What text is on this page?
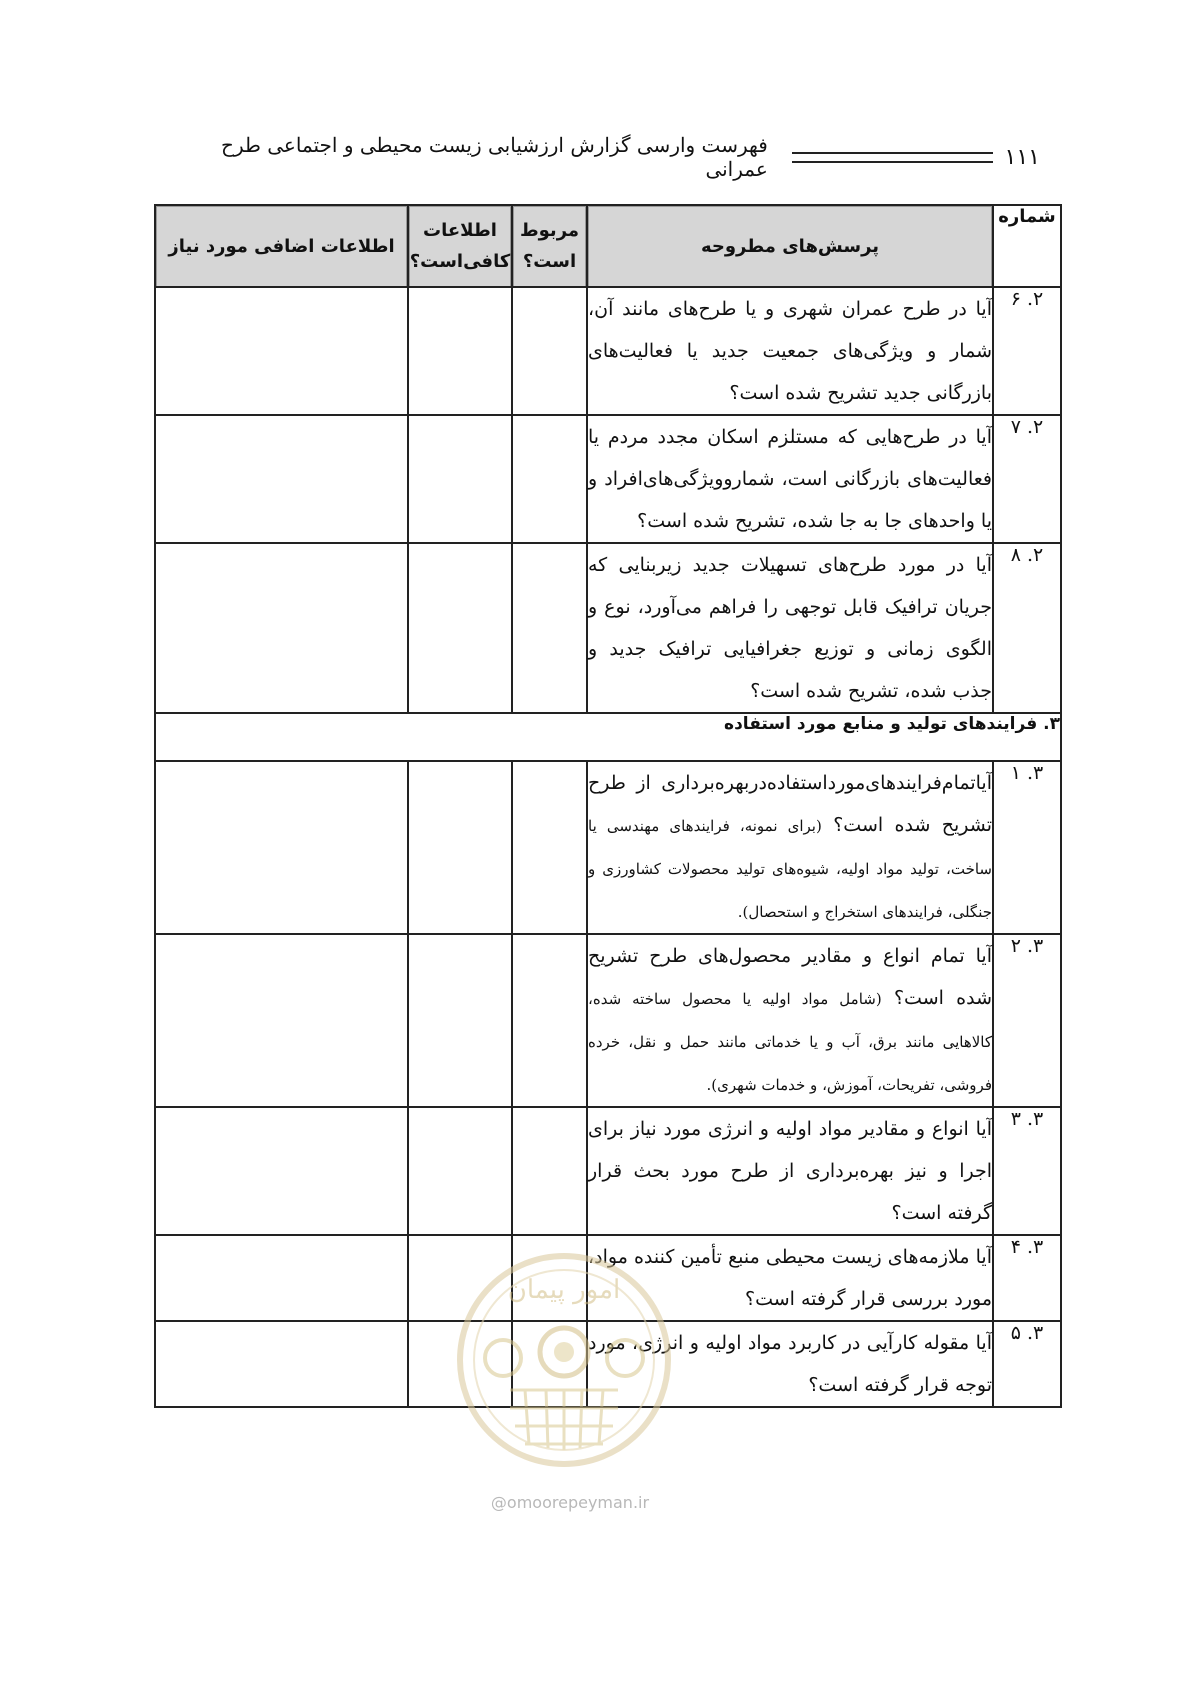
۱۱۱
فهرست وارسی گزارش ارزشیابی زیست محیطی و اجتماعی طرح عمرانی
شماره	پرسش‌های مطروحه	مربوط است؟	اطلاعات کافی‌است؟	اطلاعات اضافی مورد نیاز

۲. ۶	آیا در طرح عمران شهری و یا طرح‌های مانند آن، شمار و ویژگی‌های جمعیت جدید یا فعالیت‌های بازرگانی جدید تشریح شده است؟			
۲. ۷	آیا در طرح‌هایی که مستلزم اسکان مجدد مردم یا فعالیت‌های بازرگانی است، شماروویژگی‌های‌افراد و یا واحدهای جا به جا شده، تشریح شده است؟			
۲. ۸	آیا در مورد طرح‌های تسهیلات جدید زیربنایی که جریان ترافیک قابل توجهی را فراهم می‌آورد، نوع و الگوی زمانی و توزیع جغرافیایی ترافیک جدید و جذب شده، تشریح شده است؟			
۳. فرایندهای تولید و منابع مورد استفاده				
۳. ۱	آیاتمام‌فرایندهای‌مورداستفاده‌دربهره‌برداری از طرح تشریح شده است؟ (برای نمونه، فرایندهای مهندسی یا ساخت، تولید مواد اولیه، شیوه‌های تولید محصولات کشاورزی و جنگلی، فرایندهای استخراج و استحصال).			
۳. ۲	آیا تمام انواع و مقادیر محصول‌های طرح تشریح شده است؟ (شامل مواد اولیه یا محصول ساخته شده، کالاهایی مانند برق، آب و یا خدماتی مانند حمل و نقل، خرده فروشی، تفریحات، آموزش، و خدمات شهری).			
۳. ۳	آیا انواع و مقادیر مواد اولیه و انرژی مورد نیاز برای اجرا و نیز بهره‌برداری از طرح مورد بحث قرار گرفته است؟			
۳. ۴	آیا ملازمه‌های زیست محیطی منبع تأمین کننده مواد، مورد بررسی قرار گرفته است؟			
۳. ۵	آیا مقوله کارآیی در کاربرد مواد اولیه و انرژی، مورد توجه قرار گرفته است؟			
امور پیمان
@omoorepeyman.ir
